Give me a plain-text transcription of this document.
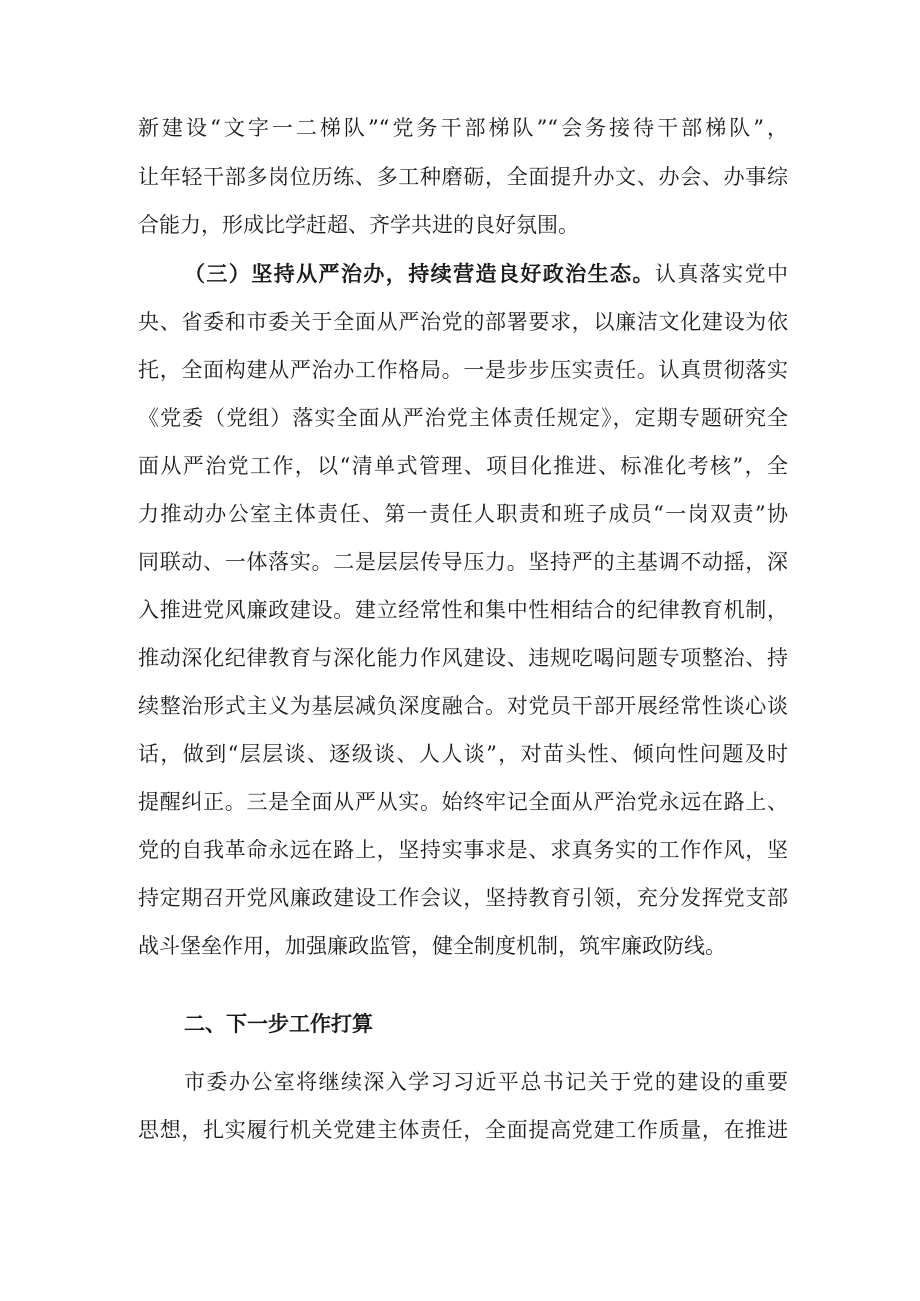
新建设“文字一二梯队”“党务干部梯队”“会务接待干部梯队”，
让年轻干部多岗位历练、多工种磨砺，全面提升办文、办会、办事综
合能力，形成比学赶超、齐学共进的良好氛围。
（三）坚持从严治办，持续营造良好政治生态。认真落实党中
央、省委和市委关于全面从严治党的部署要求，以廉洁文化建设为依
托，全面构建从严治办工作格局。一是步步压实责任。认真贯彻落实
《党委（党组）落实全面从严治党主体责任规定》，定期专题研究全
面从严治党工作，以“清单式管理、项目化推进、标准化考核”，全
力推动办公室主体责任、第一责任人职责和班子成员“一岗双责”协
同联动、一体落实。二是层层传导压力。坚持严的主基调不动摇，深
入推进党风廉政建设。建立经常性和集中性相结合的纪律教育机制，
推动深化纪律教育与深化能力作风建设、违规吃喝问题专项整治、持
续整治形式主义为基层减负深度融合。对党员干部开展经常性谈心谈
话，做到“层层谈、逐级谈、人人谈”，对苗头性、倾向性问题及时
提醒纠正。三是全面从严从实。始终牢记全面从严治党永远在路上、
党的自我革命永远在路上，坚持实事求是、求真务实的工作作风，坚
持定期召开党风廉政建设工作会议，坚持教育引领，充分发挥党支部
战斗堡垒作用，加强廉政监管，健全制度机制，筑牢廉政防线。
二、下一步工作打算
市委办公室将继续深入学习习近平总书记关于党的建设的重要
思想，扎实履行机关党建主体责任，全面提高党建工作质量，在推进
